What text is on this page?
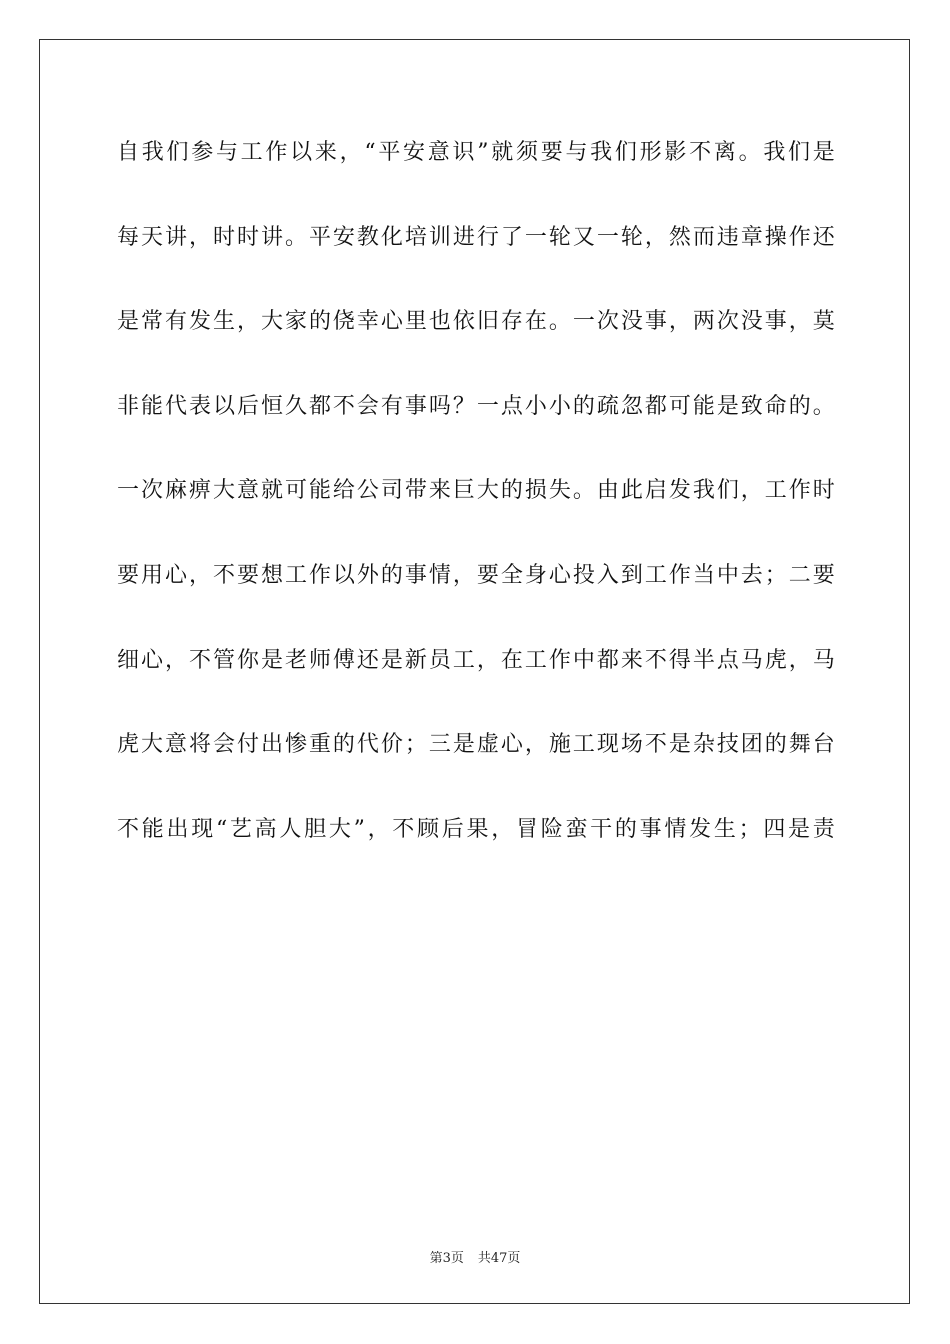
自我们参与工作以来，“平安意识”就须要与我们形影不离。我们是
每天讲，时时讲。平安教化培训进行了一轮又一轮，然而违章操作还
是常有发生，大家的侥幸心里也依旧存在。一次没事，两次没事，莫
非能代表以后恒久都不会有事吗？一点小小的疏忽都可能是致命的。
一次麻痹大意就可能给公司带来巨大的损失。由此启发我们，工作时
要用心，不要想工作以外的事情，要全身心投入到工作当中去；二要
细心，不管你是老师傅还是新员工，在工作中都来不得半点马虎，马
虎大意将会付出惨重的代价；三是虚心，施工现场不是杂技团的舞台
不能出现“艺高人胆大”，不顾后果，冒险蛮干的事情发生；四是责
第3页 共47页
